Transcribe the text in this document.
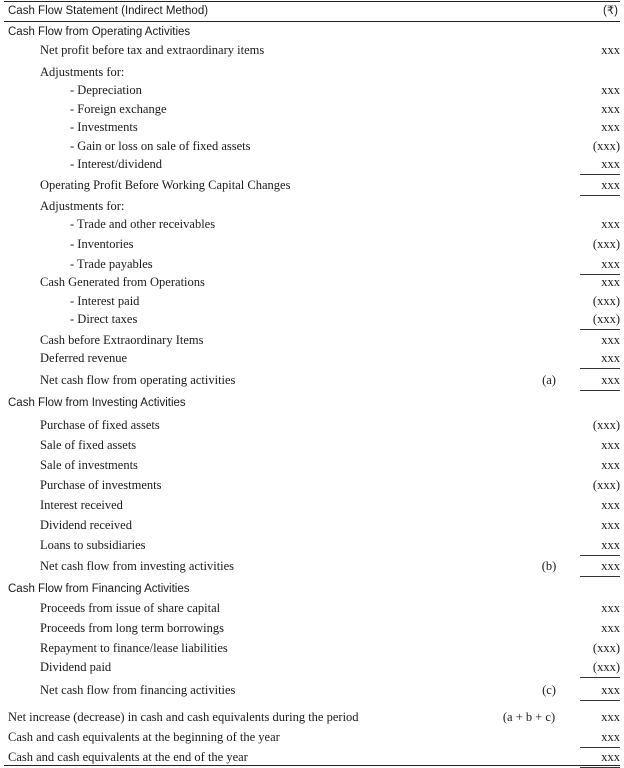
Cash Flow Statement (Indirect Method)	(₹)
Cash Flow from Operating Activities
Net profit before tax and extraordinary items	xxx
Adjustments for:
- Depreciation	xxx
- Foreign exchange	xxx
- Investments	xxx
- Gain or loss on sale of fixed assets	(xxx)
- Interest/dividend	xxx
Operating Profit Before Working Capital Changes	xxx
Adjustments for:
- Trade and other receivables	xxx
- Inventories	(xxx)
- Trade payables	xxx
Cash Generated from Operations	xxx
- Interest paid	(xxx)
- Direct taxes	(xxx)
Cash before Extraordinary Items	xxx
Deferred revenue	xxx
Net cash flow from operating activities	(a)	xxx
Cash Flow from Investing Activities
Purchase of fixed assets	(xxx)
Sale of fixed assets	xxx
Sale of investments	xxx
Purchase of investments	(xxx)
Interest received	xxx
Dividend received	xxx
Loans to subsidiaries	xxx
Net cash flow from investing activities	(b)	xxx
Cash Flow from Financing Activities
Proceeds from issue of share capital	xxx
Proceeds from long term borrowings	xxx
Repayment to finance/lease liabilities	(xxx)
Dividend paid	(xxx)
Net cash flow from financing activities	(c)	xxx
Net increase (decrease) in cash and cash equivalents during the period	(a + b + c)	xxx
Cash and cash equivalents at the beginning of the year	xxx
Cash and cash equivalents at the end of the year	xxx
